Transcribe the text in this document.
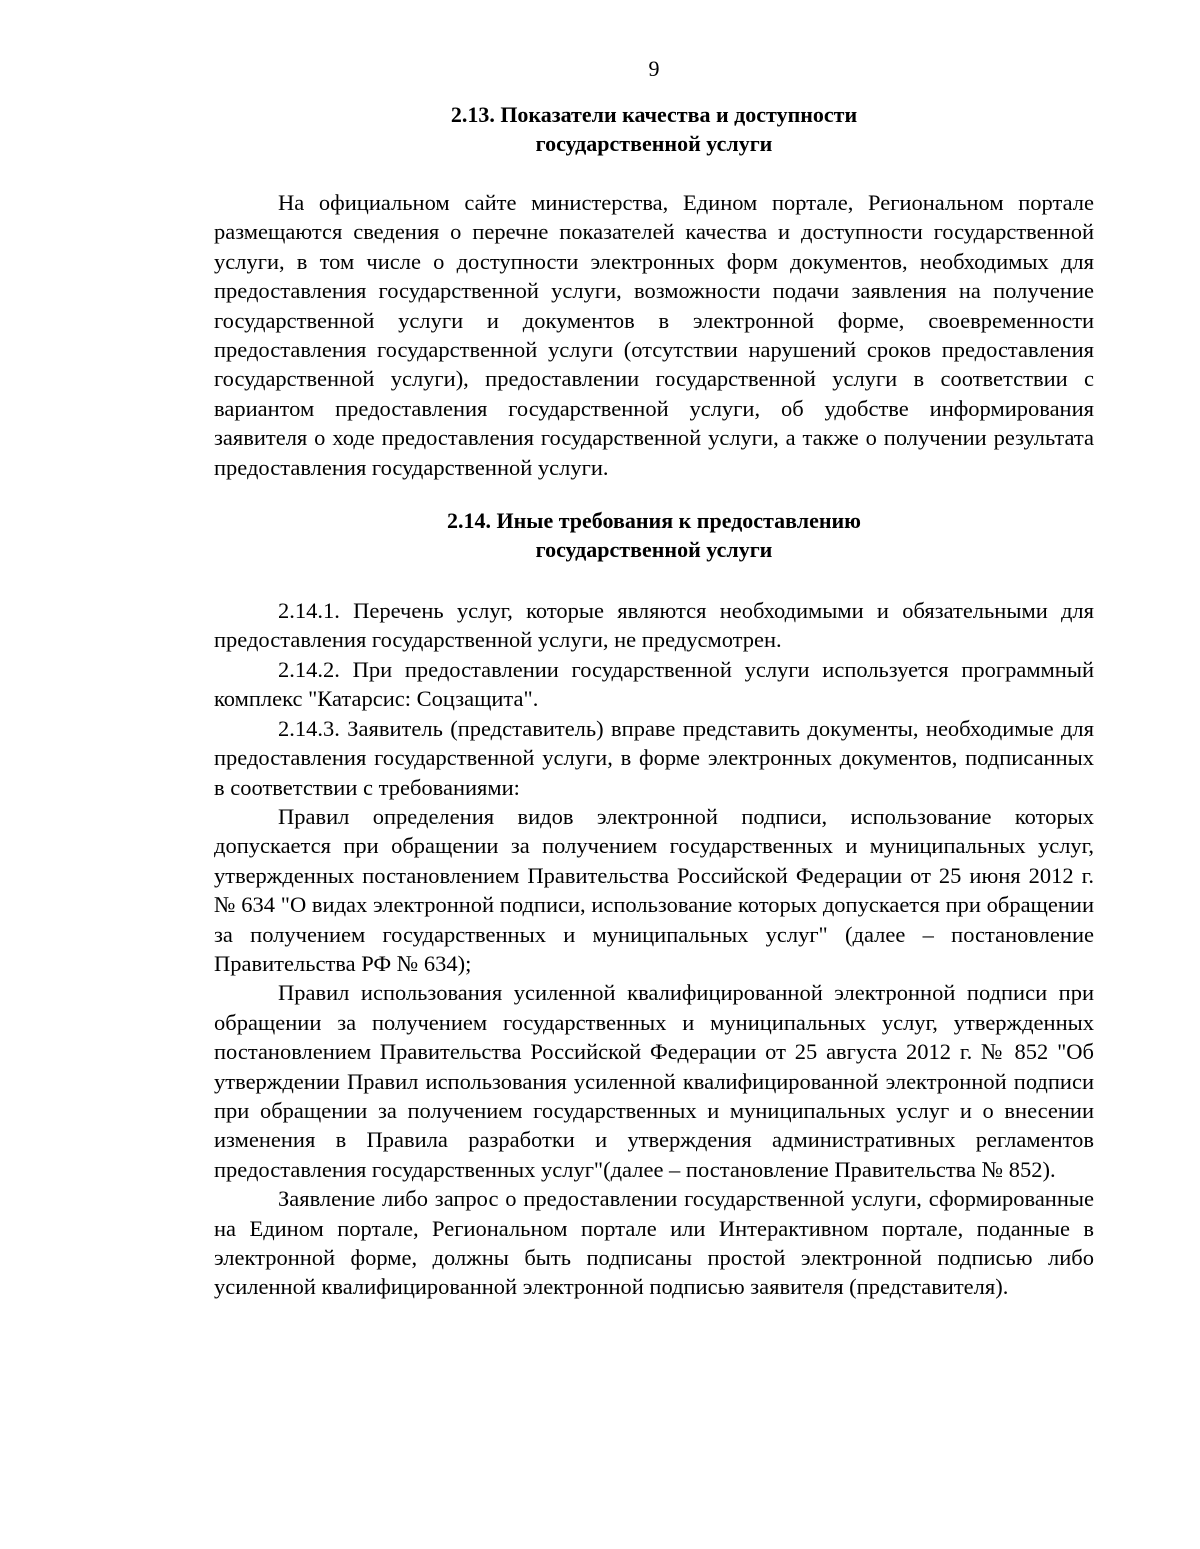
9
2.13. Показатели качества и доступности
государственной услуги

На официальном сайте министерства, Едином портале, Региональном портале размещаются сведения о перечне показателей качества и доступности государственной услуги, в том числе о доступности электронных форм документов, необходимых для предоставления государственной услуги, возможности подачи заявления на получение государственной услуги и документов в электронной форме, своевременности предоставления государственной услуги (отсутствии нарушений сроков предоставления государственной услуги), предоставлении государственной услуги в соответствии с вариантом предоставления государственной услуги, об удобстве информирования заявителя о ходе предоставления государственной услуги, а также о получении результата предоставления государственной услуги.

2.14. Иные требования к предоставлению
государственной услуги

2.14.1. Перечень услуг, которые являются необходимыми и обязательными для предоставления государственной услуги, не предусмотрен.

2.14.2. При предоставлении государственной услуги используется программный комплекс "Катарсис: Соцзащита".

2.14.3. Заявитель (представитель) вправе представить документы, необходимые для предоставления государственной услуги, в форме электронных документов, подписанных в соответствии с требованиями:

Правил определения видов электронной подписи, использование которых допускается при обращении за получением государственных и муниципальных услуг, утвержденных постановлением Правительства Российской Федерации от 25 июня 2012 г. № 634 "О видах электронной подписи, использование которых допускается при обращении за получением государственных и муниципальных услуг" (далее – постановление Правительства РФ № 634);

Правил использования усиленной квалифицированной электронной подписи при обращении за получением государственных и муниципальных услуг, утвержденных постановлением Правительства Российской Федерации от 25 августа 2012 г. № 852 "Об утверждении Правил использования усиленной квалифицированной электронной подписи при обращении за получением государственных и муниципальных услуг и о внесении изменения в Правила разработки и утверждения административных регламентов предоставления государственных услуг"(далее – постановление Правительства № 852).

Заявление либо запрос о предоставлении государственной услуги, сформированные на Едином портале, Региональном портале или Интерактивном портале, поданные в электронной форме, должны быть подписаны простой электронной подписью либо усиленной квалифицированной электронной подписью заявителя (представителя).
